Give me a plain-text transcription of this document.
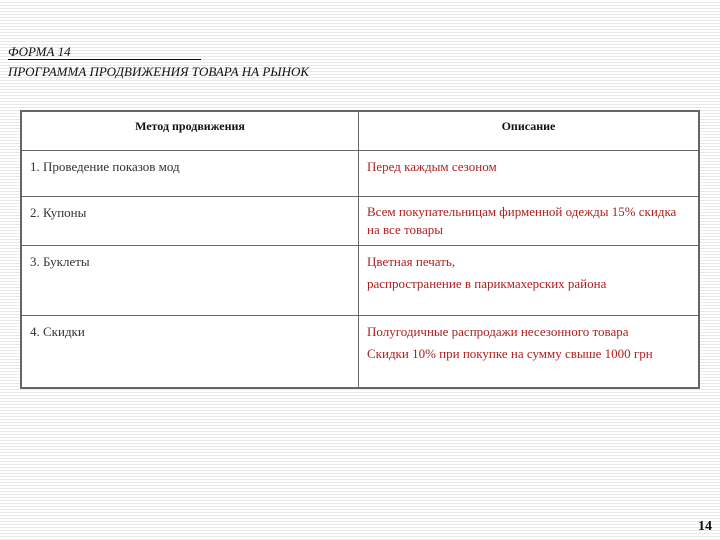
ФОРМА 14
ПРОГРАММА ПРОДВИЖЕНИЯ ТОВАРА НА РЫНОК
Метод продвижения	Описание
1. Проведение показов мод	Перед каждым сезоном

2. Купоны	Всем покупательницам фирменной одежды 15% скидка на все товары

3. Буклеты	Цветная печать,
распространение в парикмахерских района

4. Скидки	Полугодичные распродажи несезонного товара
Скидки 10% при покупке на сумму свыше 1000 грн
14
